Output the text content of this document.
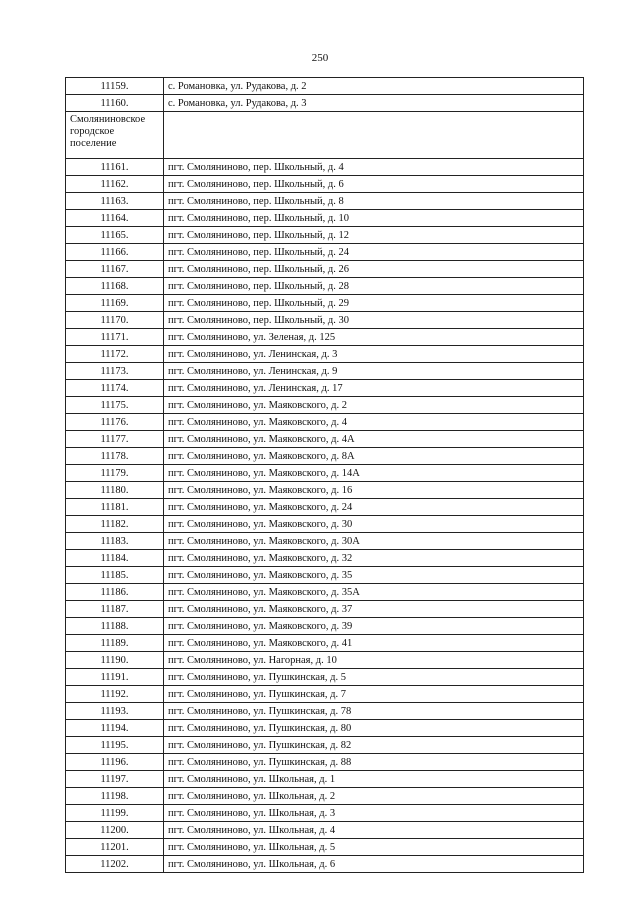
250
11159.	с. Романовка, ул. Рудакова, д. 2
11160.	с. Романовка, ул. Рудакова, д. 3
Смолянинoвское городское поселение	
11161.	пгт. Смоляниново, пер. Школьный, д. 4
11162.	пгт. Смоляниново, пер. Школьный, д. 6
11163.	пгт. Смоляниново, пер. Школьный, д. 8
11164.	пгт. Смоляниново, пер. Школьный, д. 10
11165.	пгт. Смоляниново, пер. Школьный, д. 12
11166.	пгт. Смоляниново, пер. Школьный, д. 24
11167.	пгт. Смоляниново, пер. Школьный, д. 26
11168.	пгт. Смоляниново, пер. Школьный, д. 28
11169.	пгт. Смоляниново, пер. Школьный, д. 29
11170.	пгт. Смоляниново, пер. Школьный, д. 30
11171.	пгт. Смоляниново, ул. Зеленая, д. 125
11172.	пгт. Смоляниново, ул. Ленинская, д. 3
11173.	пгт. Смоляниново, ул. Ленинская, д. 9
11174.	пгт. Смоляниново, ул. Ленинская, д. 17
11175.	пгт. Смоляниново, ул. Маяковского, д. 2
11176.	пгт. Смоляниново, ул. Маяковского, д. 4
11177.	пгт. Смоляниново, ул. Маяковского, д. 4А
11178.	пгт. Смоляниново, ул. Маяковского, д. 8А
11179.	пгт. Смоляниново, ул. Маяковского, д. 14А
11180.	пгт. Смоляниново, ул. Маяковского, д. 16
11181.	пгт. Смоляниново, ул. Маяковского, д. 24
11182.	пгт. Смоляниново, ул. Маяковского, д. 30
11183.	пгт. Смоляниново, ул. Маяковского, д. 30А
11184.	пгт. Смоляниново, ул. Маяковского, д. 32
11185.	пгт. Смоляниново, ул. Маяковского, д. 35
11186.	пгт. Смоляниново, ул. Маяковского, д. 35А
11187.	пгт. Смоляниново, ул. Маяковского, д. 37
11188.	пгт. Смоляниново, ул. Маяковского, д. 39
11189.	пгт. Смоляниново, ул. Маяковского, д. 41
11190.	пгт. Смоляниново, ул. Нагорная, д. 10
11191.	пгт. Смоляниново, ул. Пушкинская, д. 5
11192.	пгт. Смоляниново, ул. Пушкинская, д. 7
11193.	пгт. Смоляниново, ул. Пушкинская, д. 78
11194.	пгт. Смоляниново, ул. Пушкинская, д. 80
11195.	пгт. Смоляниново, ул. Пушкинская, д. 82
11196.	пгт. Смоляниново, ул. Пушкинская, д. 88
11197.	пгт. Смоляниново, ул. Школьная, д. 1
11198.	пгт. Смоляниново, ул. Школьная, д. 2
11199.	пгт. Смоляниново, ул. Школьная, д. 3
11200.	пгт. Смоляниново, ул. Школьная, д. 4
11201.	пгт. Смоляниново, ул. Школьная, д. 5
11202.	пгт. Смоляниново, ул. Школьная, д. 6
